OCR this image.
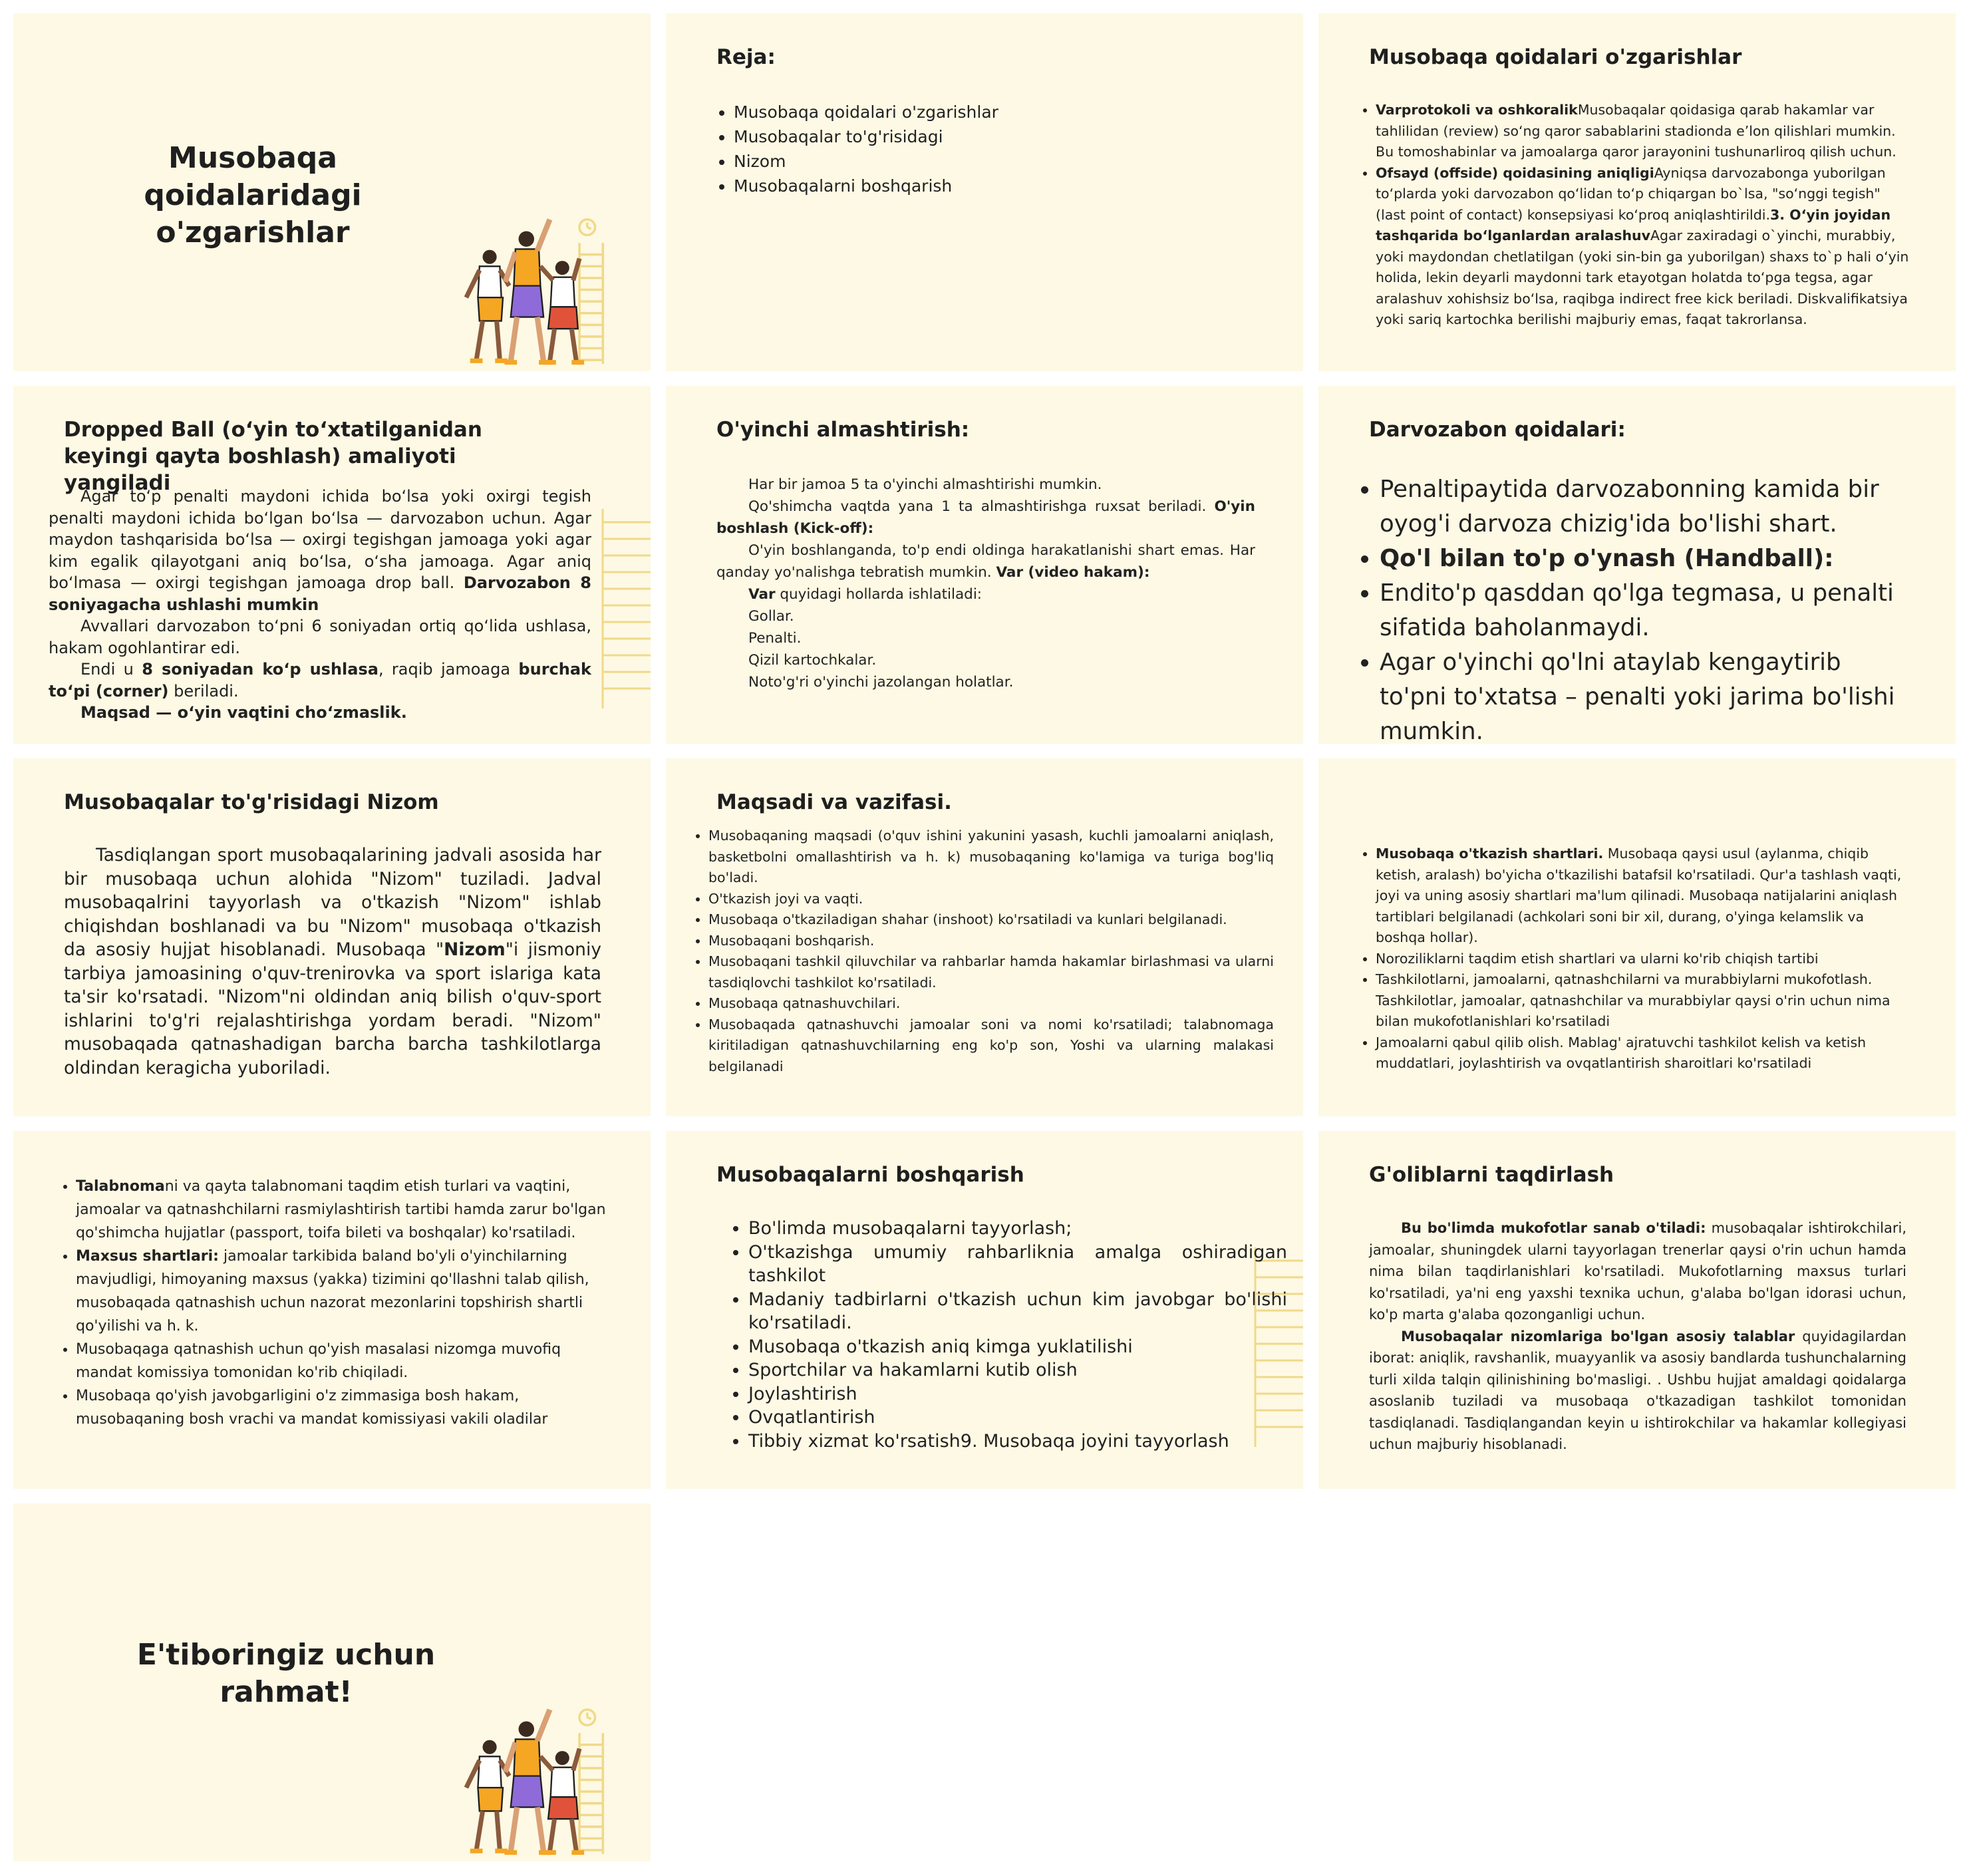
Musobaqa qoidalaridagi
o'zgarishlar
Reja:
• Musobaqa qoidalari o'zgarishlar
• Musobaqalar to'g'risidagi
• Nizom
• Musobaqalarni boshqarish
Musobaqa qoidalari o'zgarishlar
• Varprotokoli va oshkoralikMusobaqalar qoidasiga qarab hakamlar var tahlilidan (review) so‘ng qaror sabablarini stadionda e’lon qilishlari mumkin. Bu tomoshabinlar va jamoalarga qaror jarayonini tushunarliroq qilish uchun.
• Ofsayd (offside) qoidasining aniqligiAyniqsa darvozabonga yuborilgan to‘plarda yoki darvozabon qo‘lidan to‘p chiqargan bo`lsa, "so‘nggi tegish" (last point of contact) konsepsiyasi ko‘proq aniqlashtirildi.3. O‘yin joyidan tashqarida bo‘lganlardan aralashuvAgar zaxiradagi o`yinchi, murabbiy, yoki maydondan chetlatilgan (yoki sin-bin ga yuborilgan) shaxs to`p hali o‘yin holida, lekin deyarli maydonni tark etayotgan holatda to‘pga tegsa, agar aralashuv xohishsiz bo‘lsa, raqibga indirect free kick beriladi. Diskvalifikatsiya yoki sariq kartochka berilishi majburiy emas, faqat takrorlansa.
Dropped Ball (o‘yin to‘xtatilganidan keyingi qayta boshlash) amaliyoti yangiladi

Agar to‘p penalti maydoni ichida bo‘lsa yoki oxirgi tegish penalti maydoni ichida bo‘lgan bo‘lsa — darvozabon uchun. Agar maydon tashqarisida bo‘lsa — oxirgi tegishgan jamoaga yoki agar kim egalik qilayotgani aniq bo‘lsa, o‘sha jamoaga. Agar aniq bo‘lmasa — oxirgi tegishgan jamoaga drop ball. Darvozabon 8 soniyagacha ushlashi mumkin

Avvallari darvozabon to‘pni 6 soniyadan ortiq qo‘lida ushlasa, hakam ogohlantirar edi.

Endi u 8 soniyadan ko‘p ushlasa, raqib jamoaga burchak to‘pi (corner) beriladi.

Maqsad — o‘yin vaqtini cho‘zmaslik.

O'yinchi almashtirish:

Har bir jamoa 5 ta o'yinchi almashtirishi mumkin.

Qo'shimcha vaqtda yana 1 ta almashtirishga ruxsat beriladi. O'yin boshlash (Kick-off):

O'yin boshlanganda, to'p endi oldinga harakatlanishi shart emas. Har qanday yo'nalishga tebratish mumkin. Var (video hakam):

Var quyidagi hollarda ishlatiladi:

Gollar.

Penalti.

Qizil kartochkalar.

Noto'g'ri o'yinchi jazolangan holatlar.

Darvozabon qoidalari:
• Penaltipaytida darvozabonning kamida bir oyog'i darvoza chizig'ida bo'lishi shart.
• Qo'l bilan to'p o'ynash (Handball):
• Endito'p qasddan qo'lga tegmasa, u penalti sifatida baholanmaydi.
• Agar o'yinchi qo'lni ataylab kengaytirib to'pni to'xtatsa – penalti yoki jarima bo'lishi mumkin.
Musobaqalar to'g'risidagi Nizom

Tasdiqlangan sport musobaqalarining jadvali asosida har bir musobaqa uchun alohida "Nizom" tuziladi. Jadval musobaqalrini tayyorlash va o'tkazish "Nizom" ishlab chiqishdan boshlanadi va bu "Nizom" musobaqa o'tkazish da asosiy hujjat hisoblanadi. Musobaqa "Nizom"i jismoniy tarbiya jamoasining o'quv-trenirovka va sport islariga kata ta'sir ko'rsatadi. "Nizom"ni oldindan aniq bilish o'quv-sport ishlarini to'g'ri rejalashtirishga yordam beradi. "Nizom" musobaqada qatnashadigan barcha barcha tashkilotlarga oldindan keragicha yuboriladi.

Maqsadi va vazifasi.
• Musobaqaning maqsadi (o'quv ishini yakunini yasash, kuchli jamoalarni aniqlash, basketbolni omallashtirish va h. k) musobaqaning ko'lamiga va turiga bog'liq bo'ladi.
• O'tkazish joyi va vaqti.
• Musobaqa o'tkaziladigan shahar (inshoot) ko'rsatiladi va kunlari belgilanadi.
• Musobaqani boshqarish.
• Musobaqani tashkil qiluvchilar va rahbarlar hamda hakamlar birlashmasi va ularni tasdiqlovchi tashkilot ko'rsatiladi.
• Musobaqa qatnashuvchilari.
• Musobaqada qatnashuvchi jamoalar soni va nomi ko'rsatiladi; talabnomaga kiritiladigan qatnashuvchilarning eng ko'p son, Yoshi va ularning malakasi belgilanadi
• Musobaqa o'tkazish shartlari. Musobaqa qaysi usul (aylanma, chiqib ketish, aralash) bo'yicha o'tkazilishi batafsil ko'rsatiladi. Qur'a tashlash vaqti, joyi va uning asosiy shartlari ma'lum qilinadi. Musobaqa natijalarini aniqlash tartiblari belgilanadi (achkolari soni bir xil, durang, o'yinga kelamslik va boshqa hollar).
• Noroziliklarni taqdim etish shartlari va ularni ko'rib chiqish tartibi
• Tashkilotlarni, jamoalarni, qatnashchilarni va murabbiylarni mukofotlash. Tashkilotlar, jamoalar, qatnashchilar va murabbiylar qaysi o'rin uchun nima bilan mukofotlanishlari ko'rsatiladi
• Jamoalarni qabul qilib olish. Mablag' ajratuvchi tashkilot kelish va ketish muddatlari, joylashtirish va ovqatlantirish sharoitlari ko'rsatiladi
• Talabnomani va qayta talabnomani taqdim etish turlari va vaqtini, jamoalar va qatnashchilarni rasmiylashtirish tartibi hamda zarur bo'lgan qo'shimcha hujjatlar (passport, toifa bileti va boshqalar) ko'rsatiladi.
• Maxsus shartlari: jamoalar tarkibida baland bo'yli o'yinchilarning mavjudligi, himoyaning maxsus (yakka) tizimini qo'llashni talab qilish, musobaqada qatnashish uchun nazorat mezonlarini topshirish shartli qo'yilishi va h. k.
• Musobaqaga qatnashish uchun qo'yish masalasi nizomga muvofiq mandat komissiya tomonidan ko'rib chiqiladi.
• Musobaqa qo'yish javobgarligini o'z zimmasiga bosh hakam, musobaqaning bosh vrachi va mandat komissiyasi vakili oladilar
Musobaqalarni boshqarish
• Bo'limda musobaqalarni tayyorlash;
• O'tkazishga umumiy rahbarliknia amalga oshiradigan tashkilot
• Madaniy tadbirlarni o'tkazish uchun kim javobgar bo'lishi ko'rsatiladi.
• Musobaqa o'tkazish aniq kimga yuklatilishi
• Sportchilar va hakamlarni kutib olish
• Joylashtirish
• Ovqatlantirish
• Tibbiy xizmat ko'rsatish9. Musobaqa joyini tayyorlash
G'oliblarni taqdirlash

Bu bo'limda mukofotlar sanab o'tiladi: musobaqalar ishtirokchilari, jamoalar, shuningdek ularni tayyorlagan trenerlar qaysi o'rin uchun hamda nima bilan taqdirlanishlari ko'rsatiladi. Mukofotlarning maxsus turlari ko'rsatiladi, ya'ni eng yaxshi texnika uchun, g'alaba bo'lgan idorasi uchun, ko'p marta g'alaba qozonganligi uchun.

Musobaqalar nizomlariga bo'lgan asosiy talablar quyidagilardan iborat: aniqlik, ravshanlik, muayyanlik va asosiy bandlarda tushunchalarning turli xilda talqin qilinishining bo'masligi. . Ushbu hujjat amaldagi qoidalarga asoslanib tuziladi va musobaqa o'tkazadigan tashkilot tomonidan tasdiqlanadi. Tasdiqlangandan keyin u ishtirokchilar va hakamlar kollegiyasi uchun majburiy hisoblanadi.

E'tiboringiz uchun rahmat!
